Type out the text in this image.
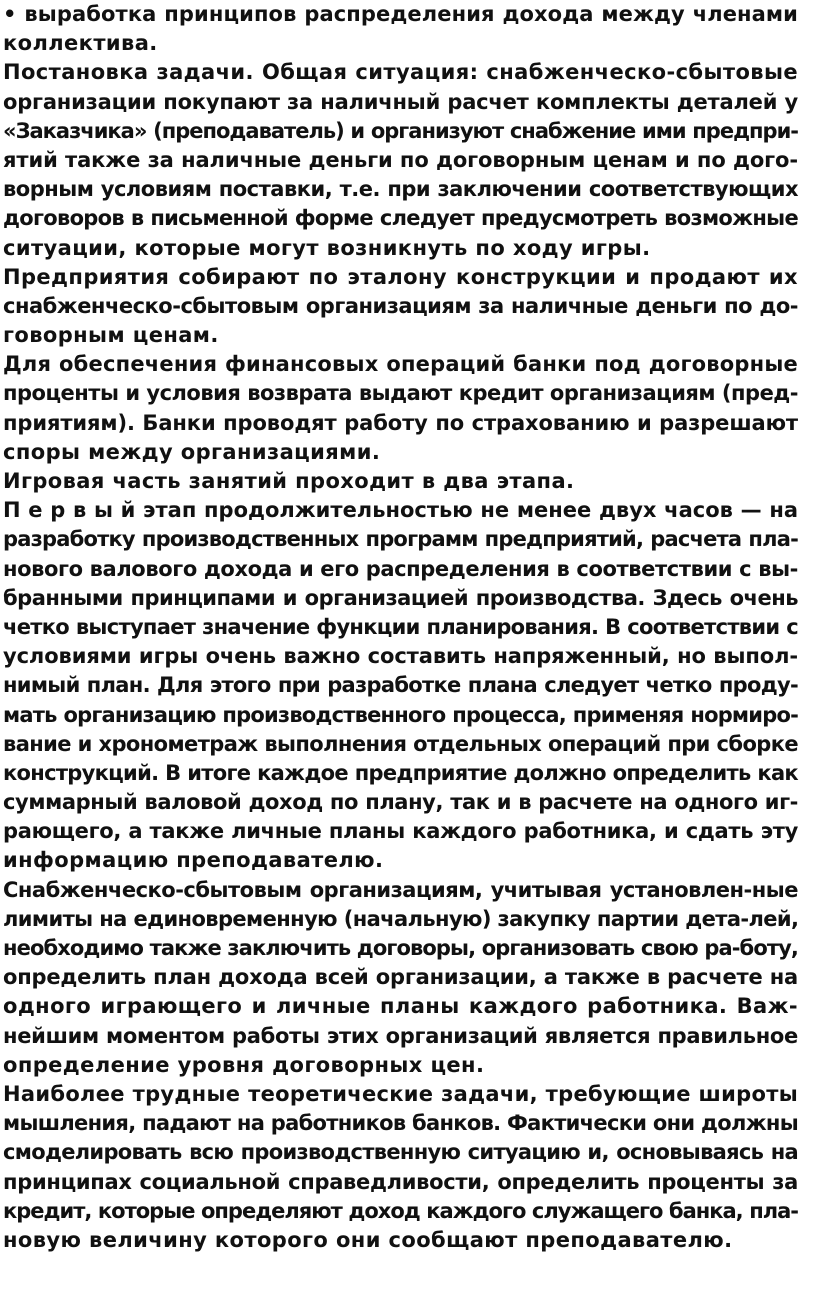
• выработка принципов распределения дохода между членами
коллектива.
Постановка задачи. Общая ситуация: снабженческо-сбытовые
организации покупают за наличный расчет комплекты деталей у
«Заказчика» (преподаватель) и организуют снабжение ими предпри-
ятий также за наличные деньги по договорным ценам и по дого-
ворным условиям поставки, т.е. при заключении соответствующих
договоров в письменной форме следует предусмотреть возможные
ситуации, которые могут возникнуть по ходу игры.
Предприятия собирают по эталону конструкции и продают их
снабженческо-сбытовым организациям за наличные деньги по до-
говорным ценам.
Для обеспечения финансовых операций банки под договорные
проценты и условия возврата выдают кредит организациям (пред-
приятиям). Банки проводят работу по страхованию и разрешают
споры между организациями.
Игровая часть занятий проходит в два этапа.
П е р в ы й этап продолжительностью не менее двух часов — на
разработку производственных программ предприятий, расчета пла-
нового валового дохода и его распределения в соответствии с вы-
бранными принципами и организацией производства. Здесь очень
четко выступает значение функции планирования. В соответствии с
условиями игры очень важно составить напряженный, но выпол-
нимый план. Для этого при разработке плана следует четко проду-
мать организацию производственного процесса, применяя нормиро-
вание и хронометраж выполнения отдельных операций при сборке
конструкций. В итоге каждое предприятие должно определить как
суммарный валовой доход по плану, так и в расчете на одного иг-
рающего, а также личные планы каждого работника, и сдать эту
информацию преподавателю.
Снабженческо-сбытовым организациям, учитывая установлен-ные
лимиты на единовременную (начальную) закупку партии дета-лей,
необходимо также заключить договоры, организовать свою ра-боту,
определить план дохода всей организации, а также в расчете на
одного играющего и личные планы каждого работника. Важ-
нейшим моментом работы этих организаций является правильное
определение уровня договорных цен.
Наиболее трудные теоретические задачи, требующие широты
мышления, падают на работников банков. Фактически они должны
смоделировать всю производственную ситуацию и, основываясь на
принципах социальной справедливости, определить проценты за
кредит, которые определяют доход каждого служащего банка, пла-
новую величину которого они сообщают преподавателю.
